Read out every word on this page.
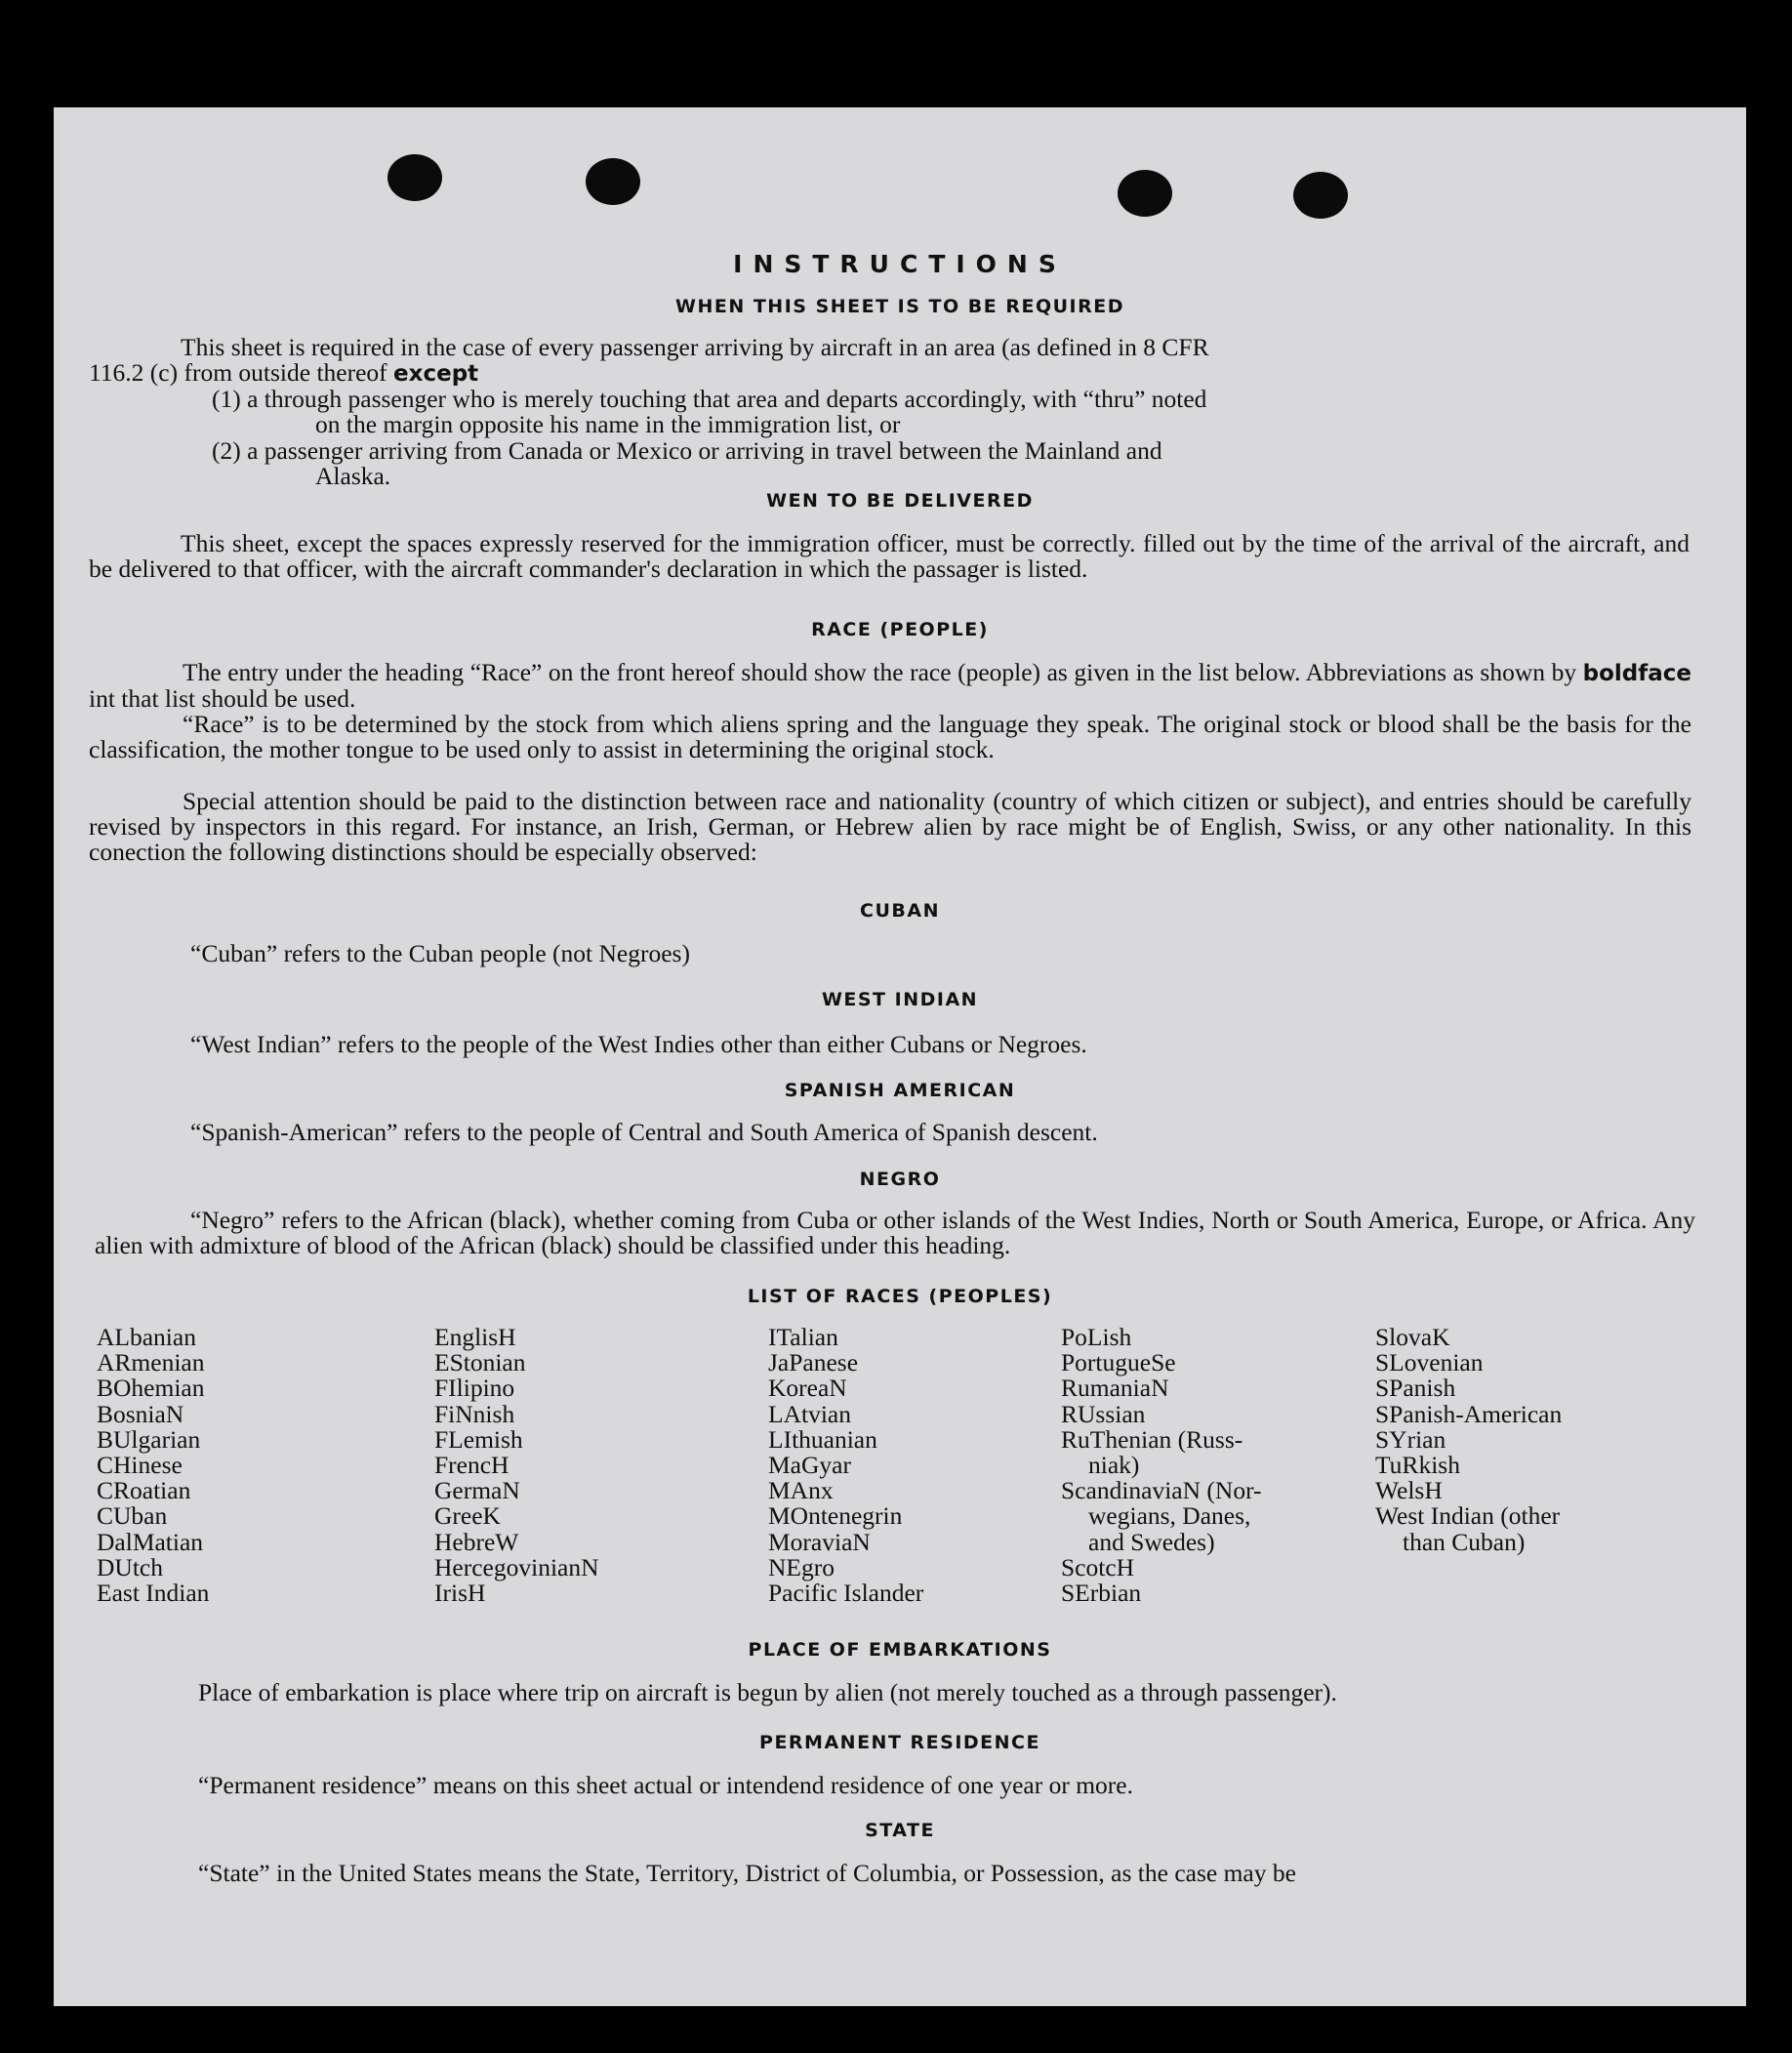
INSTRUCTIONS
WHEN THIS SHEET IS TO BE REQUIRED
This sheet is required in the case of every passenger arriving by aircraft in an area (as defined in 8 CFR
116.2 (c) from outside thereof except
(1) a through passenger who is merely touching that area and departs accordingly, with “thru” noted
on the margin opposite his name in the immigration list, or
(2) a passenger arriving from Canada or Mexico or arriving in travel between the Mainland and
Alaska.
WEN TO BE DELIVERED
This sheet, except the spaces expressly reserved for the immigration officer, must be correctly. filled out by the time of the arrival of the aircraft, and be delivered to that officer, with the aircraft commander's declaration in which the passager is listed.
RACE (PEOPLE)
The entry under the heading “Race” on the front hereof should show the race (people) as given in the list below. Abbreviations as shown by boldface int that list should be used.
“Race” is to be determined by the stock from which aliens spring and the language they speak. The original stock or blood shall be the basis for the classification, the mother tongue to be used only to assist in determining the original stock.
Special attention should be paid to the distinction between race and nationality (country of which citizen or subject), and entries should be carefully revised by inspectors in this regard. For instance, an Irish, German, or Hebrew alien by race might be of English, Swiss, or any other nationality. In this conection the following distinctions should be especially observed:
CUBAN
“Cuban” refers to the Cuban people (not Negroes)
WEST INDIAN
“West Indian” refers to the people of the West Indies other than either Cubans or Negroes.
SPANISH AMERICAN
“Spanish-American” refers to the people of Central and South America of Spanish descent.
NEGRO
“Negro” refers to the African (black), whether coming from Cuba or other islands of the West Indies, North or South America, Europe, or Africa. Any alien with admixture of blood of the African (black) should be classified under this heading.
LIST OF RACES (PEOPLES)
ALbanian
ARmenian
BOhemian
BosniaN
BUlgarian
CHinese
CRoatian
CUban
DalMatian
DUtch
East Indian
EnglisH
EStonian
FIlipino
FiNnish
FLemish
FrencH
GermaN
GreeK
HebreW
HercegovinianN
IrisH
ITalian
JaPanese
KoreaN
LAtvian
LIthuanian
MaGyar
MAnx
MOntenegrin
MoraviaN
NEgro
Pacific Islander
PoLish
PortugueSe
RumaniaN
RUssian
RuThenian (Russ-
niak)
ScandinaviaN (Nor-
wegians, Danes,
and Swedes)
ScotcH
SErbian
SlovaK
SLovenian
SPanish
SPanish-American
SYrian
TuRkish
WelsH
West Indian (other
than Cuban)
PLACE OF EMBARKATIONS
Place of embarkation is place where trip on aircraft is begun by alien (not merely touched as a through passenger).
PERMANENT RESIDENCE
“Permanent residence” means on this sheet actual or intendend residence of one year or more.
STATE
“State” in the United States means the State, Territory, District of Columbia, or Possession, as the case may be
